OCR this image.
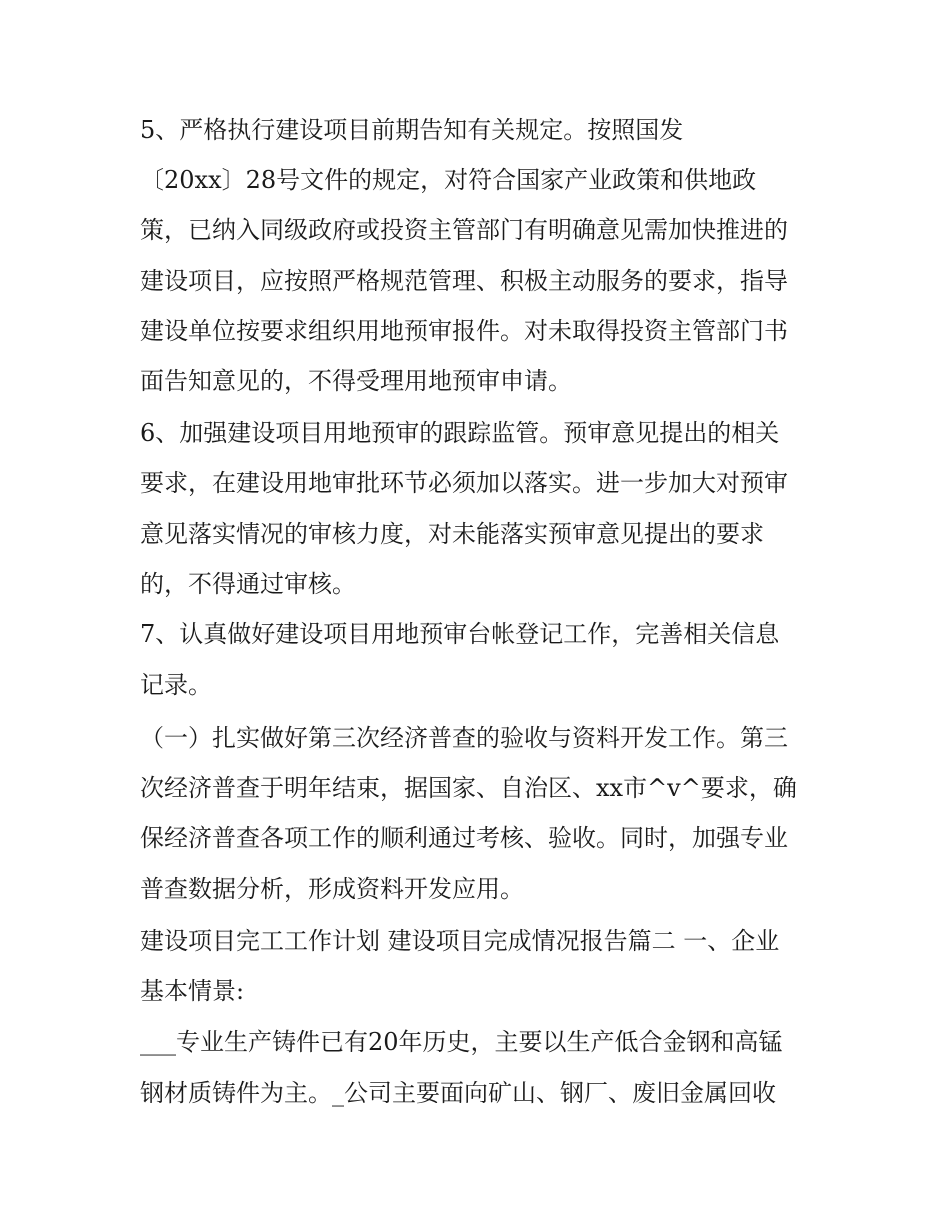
5、严格执行建设项目前期告知有关规定。按照国发
〔20xx〕28号文件的规定，对符合国家产业政策和供地政
策，已纳入同级政府或投资主管部门有明确意见需加快推进的
建设项目，应按照严格规范管理、积极主动服务的要求，指导
建设单位按要求组织用地预审报件。对未取得投资主管部门书
面告知意见的，不得受理用地预审申请。
6、加强建设项目用地预审的跟踪监管。预审意见提出的相关
要求，在建设用地审批环节必须加以落实。进一步加大对预审
意见落实情况的审核力度，对未能落实预审意见提出的要求
的，不得通过审核。
7、认真做好建设项目用地预审台帐登记工作，完善相关信息
记录。
（一）扎实做好第三次经济普查的验收与资料开发工作。第三
次经济普查于明年结束，据国家、自治区、xx市^v^要求，确
保经济普查各项工作的顺利通过考核、验收。同时，加强专业
普查数据分析，形成资料开发应用。
建设项目完工工作计划 建设项目完成情况报告篇二 一、企业
基本情景:
___专业生产铸件已有20年历史，主要以生产低合金钢和高锰
钢材质铸件为主。_公司主要面向矿山、钢厂、废旧金属回收
